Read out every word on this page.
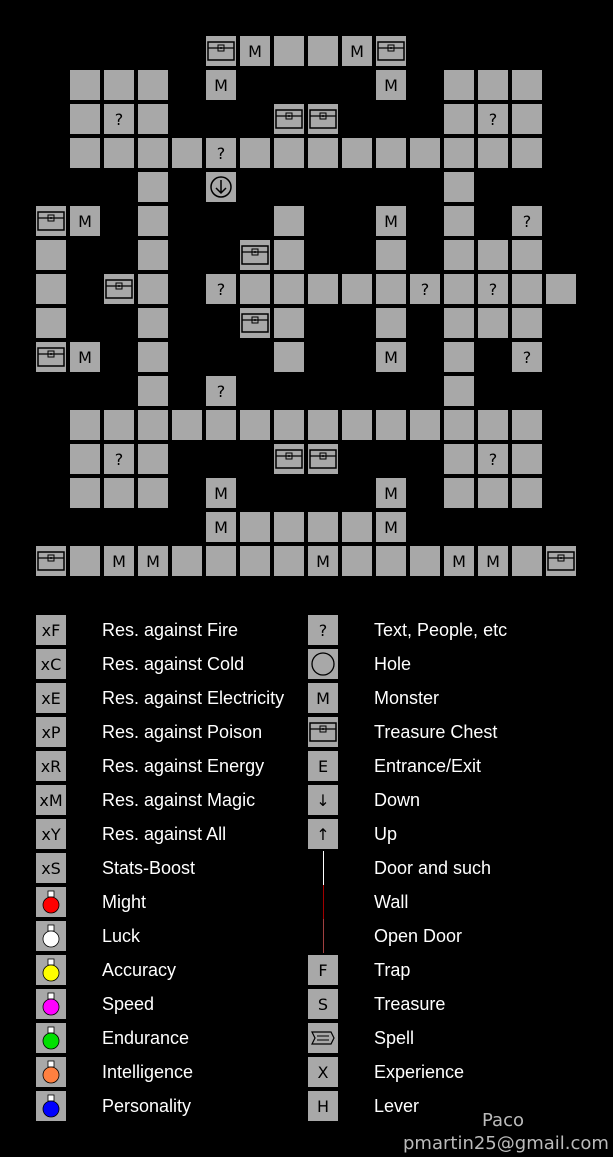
M	M
M	M
?	?
?
M	M	?
?	?	?
M	M	?
?
?	?
M	M
M	M
M	M	M	M	M
xF	Res. against Fire
xC	Res. against Cold
xE	Res. against Electricity
xP	Res. against Poison
xR	Res. against Energy
xM Res. against Magic
xY	Res. against All
xS	Stats-Boost
Might
Luck
Accuracy
Speed
Endurance
Intelligence
Personality
?	Text, People, etc
Hole
M	Monster
Treasure Chest
E	Entrance/Exit
↓	Down
↑	Up
Door and such
Wall
Open Door
F	Trap
S	Treasure
Spell
X	Experience
H	Lever
Paco
pmartin25@gmail.com
